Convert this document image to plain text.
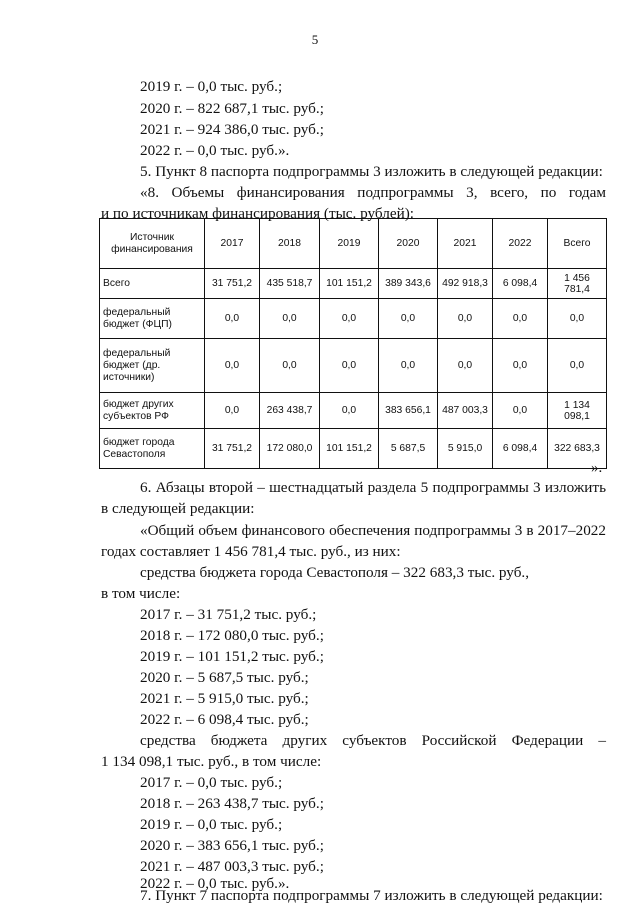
5
2019 г. – 0,0 тыс. руб.;
2020 г. – 822 687,1 тыс. руб.;
2021 г. – 924 386,0 тыс. руб.;
2022 г. – 0,0 тыс. руб.».
5. Пункт 8 паспорта подпрограммы 3 изложить в следующей редакции:
«8. Объемы финансирования подпрограммы 3, всего, по годам
и по источникам финансирования (тыс. рублей):
Источник финансирования	2017	2018	2019	2020	2021	2022	Всего
Всего	31 751,2	435 518,7	101 151,2	389 343,6	492 918,3	6 098,4	1 456 781,4
федеральный бюджет (ФЦП)	0,0	0,0	0,0	0,0	0,0	0,0	0,0
федеральный бюджет (др. источники)	0,0	0,0	0,0	0,0	0,0	0,0	0,0
бюджет других субъектов РФ	0,0	263 438,7	0,0	383 656,1	487 003,3	0,0	1 134 098,1
бюджет города Севастополя	31 751,2	172 080,0	101 151,2	5 687,5	5 915,0	6 098,4	322 683,3
».
6. Абзацы второй – шестнадцатый раздела 5 подпрограммы 3 изложить
в следующей редакции:
«Общий объем финансового обеспечения подпрограммы 3 в 2017–2022
годах составляет 1 456 781,4 тыс. руб., из них:
средства бюджета города Севастополя – 322 683,3 тыс. руб.,
в том числе:
2017 г. – 31 751,2 тыс. руб.;
2018 г. – 172 080,0 тыс. руб.;
2019 г. – 101 151,2 тыс. руб.;
2020 г. – 5 687,5 тыс. руб.;
2021 г. – 5 915,0 тыс. руб.;
2022 г. – 6 098,4 тыс. руб.;
средства бюджета других субъектов Российской Федерации –
1 134 098,1 тыс. руб., в том числе:
2017 г. – 0,0 тыс. руб.;
2018 г. – 263 438,7 тыс. руб.;
2019 г. – 0,0 тыс. руб.;
2020 г. – 383 656,1 тыс. руб.;
2021 г. – 487 003,3 тыс. руб.;
2022 г. – 0,0 тыс. руб.».
7. Пункт 7 паспорта подпрограммы 7 изложить в следующей редакции:
